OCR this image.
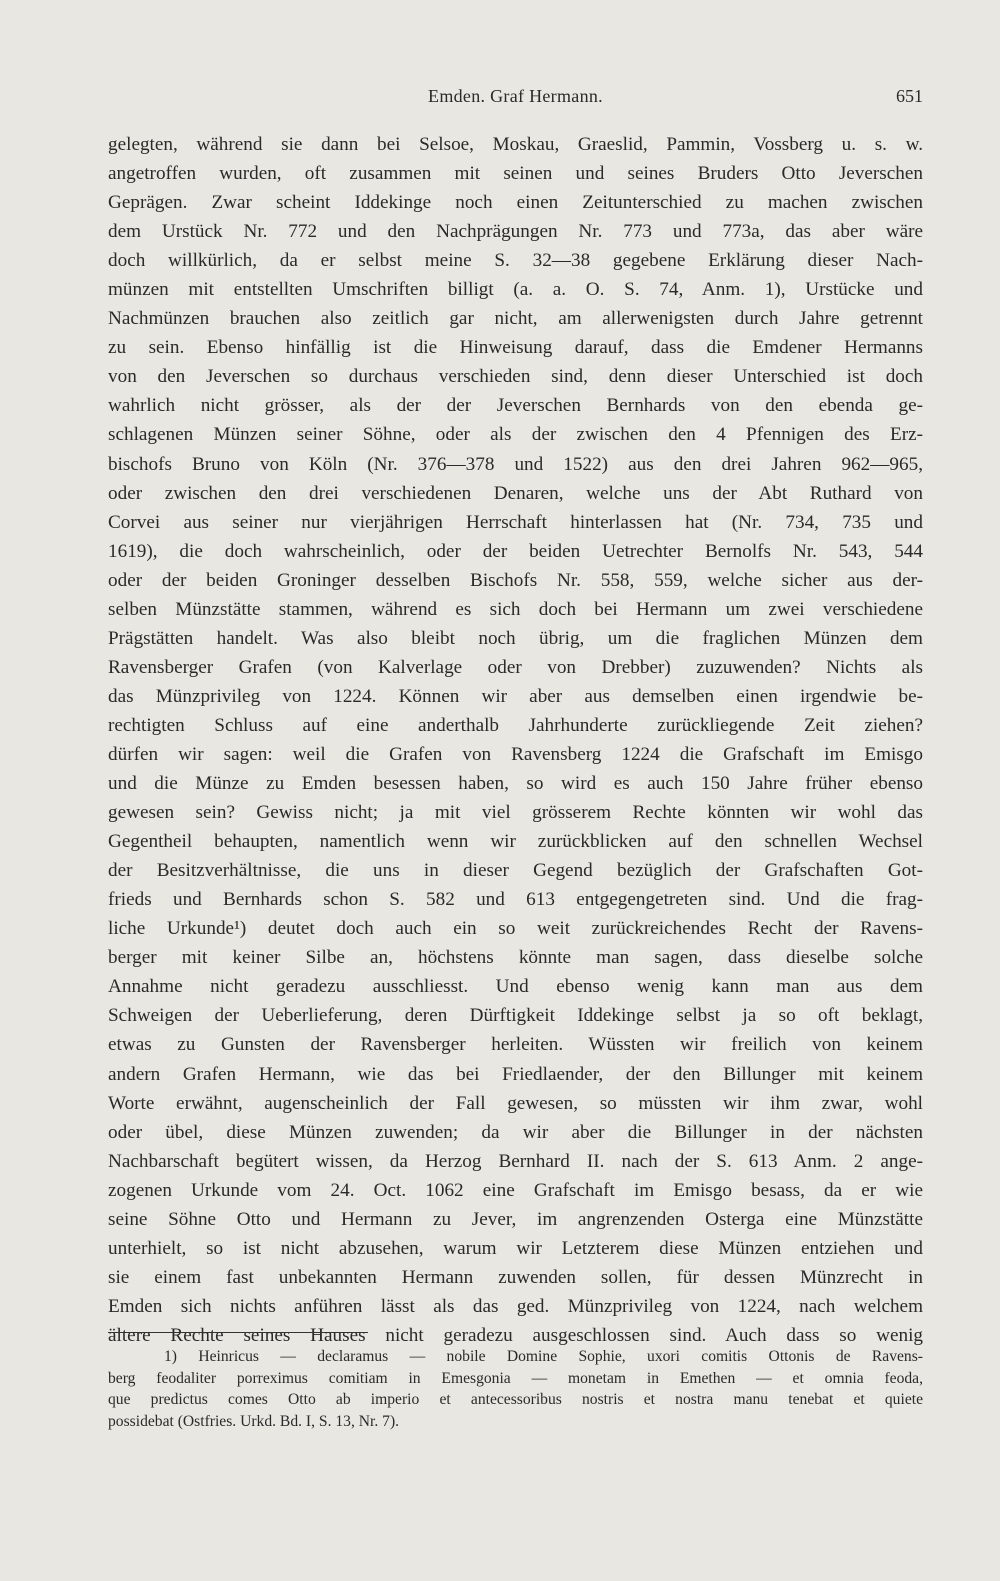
Emden. Graf Hermann.	651
gelegten, während sie dann bei Selsoe, Moskau, Graeslid, Pammin, Vossberg u. s. w.
angetroffen wurden, oft zusammen mit seinen und seines Bruders Otto Jeverschen
Geprägen. Zwar scheint Iddekinge noch einen Zeitunterschied zu machen zwischen
dem Urstück Nr. 772 und den Nachprägungen Nr. 773 und 773a, das aber wäre
doch willkürlich, da er selbst meine S. 32—38 gegebene Erklärung dieser Nach-
münzen mit entstellten Umschriften billigt (a. a. O. S. 74, Anm. 1), Urstücke und
Nachmünzen brauchen also zeitlich gar nicht, am allerwenigsten durch Jahre getrennt
zu sein. Ebenso hinfällig ist die Hinweisung darauf, dass die Emdener Hermanns
von den Jeverschen so durchaus verschieden sind, denn dieser Unterschied ist doch
wahrlich nicht grösser, als der der Jeverschen Bernhards von den ebenda ge-
schlagenen Münzen seiner Söhne, oder als der zwischen den 4 Pfennigen des Erz-
bischofs Bruno von Köln (Nr. 376—378 und 1522) aus den drei Jahren 962—965,
oder zwischen den drei verschiedenen Denaren, welche uns der Abt Ruthard von
Corvei aus seiner nur vierjährigen Herrschaft hinterlassen hat (Nr. 734, 735 und
1619), die doch wahrscheinlich, oder der beiden Uetrechter Bernolfs Nr. 543, 544
oder der beiden Groninger desselben Bischofs Nr. 558, 559, welche sicher aus der-
selben Münzstätte stammen, während es sich doch bei Hermann um zwei verschiedene
Prägstätten handelt. Was also bleibt noch übrig, um die fraglichen Münzen dem
Ravensberger Grafen (von Kalverlage oder von Drebber) zuzuwenden? Nichts als
das Münzprivileg von 1224. Können wir aber aus demselben einen irgendwie be-
rechtigten Schluss auf eine anderthalb Jahrhunderte zurückliegende Zeit ziehen?
dürfen wir sagen: weil die Grafen von Ravensberg 1224 die Grafschaft im Emisgo
und die Münze zu Emden besessen haben, so wird es auch 150 Jahre früher ebenso
gewesen sein? Gewiss nicht; ja mit viel grösserem Rechte könnten wir wohl das
Gegentheil behaupten, namentlich wenn wir zurückblicken auf den schnellen Wechsel
der Besitzverhältnisse, die uns in dieser Gegend bezüglich der Grafschaften Got-
frieds und Bernhards schon S. 582 und 613 entgegengetreten sind. Und die frag-
liche Urkunde¹) deutet doch auch ein so weit zurückreichendes Recht der Ravens-
berger mit keiner Silbe an, höchstens könnte man sagen, dass dieselbe solche
Annahme nicht geradezu ausschliesst. Und ebenso wenig kann man aus dem
Schweigen der Ueberlieferung, deren Dürftigkeit Iddekinge selbst ja so oft beklagt,
etwas zu Gunsten der Ravensberger herleiten. Wüssten wir freilich von keinem
andern Grafen Hermann, wie das bei Friedlaender, der den Billunger mit keinem
Worte erwähnt, augenscheinlich der Fall gewesen, so müssten wir ihm zwar, wohl
oder übel, diese Münzen zuwenden; da wir aber die Billunger in der nächsten
Nachbarschaft begütert wissen, da Herzog Bernhard II. nach der S. 613 Anm. 2 ange-
zogenen Urkunde vom 24. Oct. 1062 eine Grafschaft im Emisgo besass, da er wie
seine Söhne Otto und Hermann zu Jever, im angrenzenden Osterga eine Münzstätte
unterhielt, so ist nicht abzusehen, warum wir Letzterem diese Münzen entziehen und
sie einem fast unbekannten Hermann zuwenden sollen, für dessen Münzrecht in
Emden sich nichts anführen lässt als das ged. Münzprivileg von 1224, nach welchem
ältere Rechte seines Hauses nicht geradezu ausgeschlossen sind. Auch dass so wenig
1) Heinricus — declaramus — nobile Domine Sophie, uxori comitis Ottonis de Ravens-
berg feodaliter porreximus comitiam in Emesgonia — monetam in Emethen — et omnia feoda,
que predictus comes Otto ab imperio et antecessoribus nostris et nostra manu tenebat et quiete
possidebat (Ostfries. Urkd. Bd. I, S. 13, Nr. 7).
